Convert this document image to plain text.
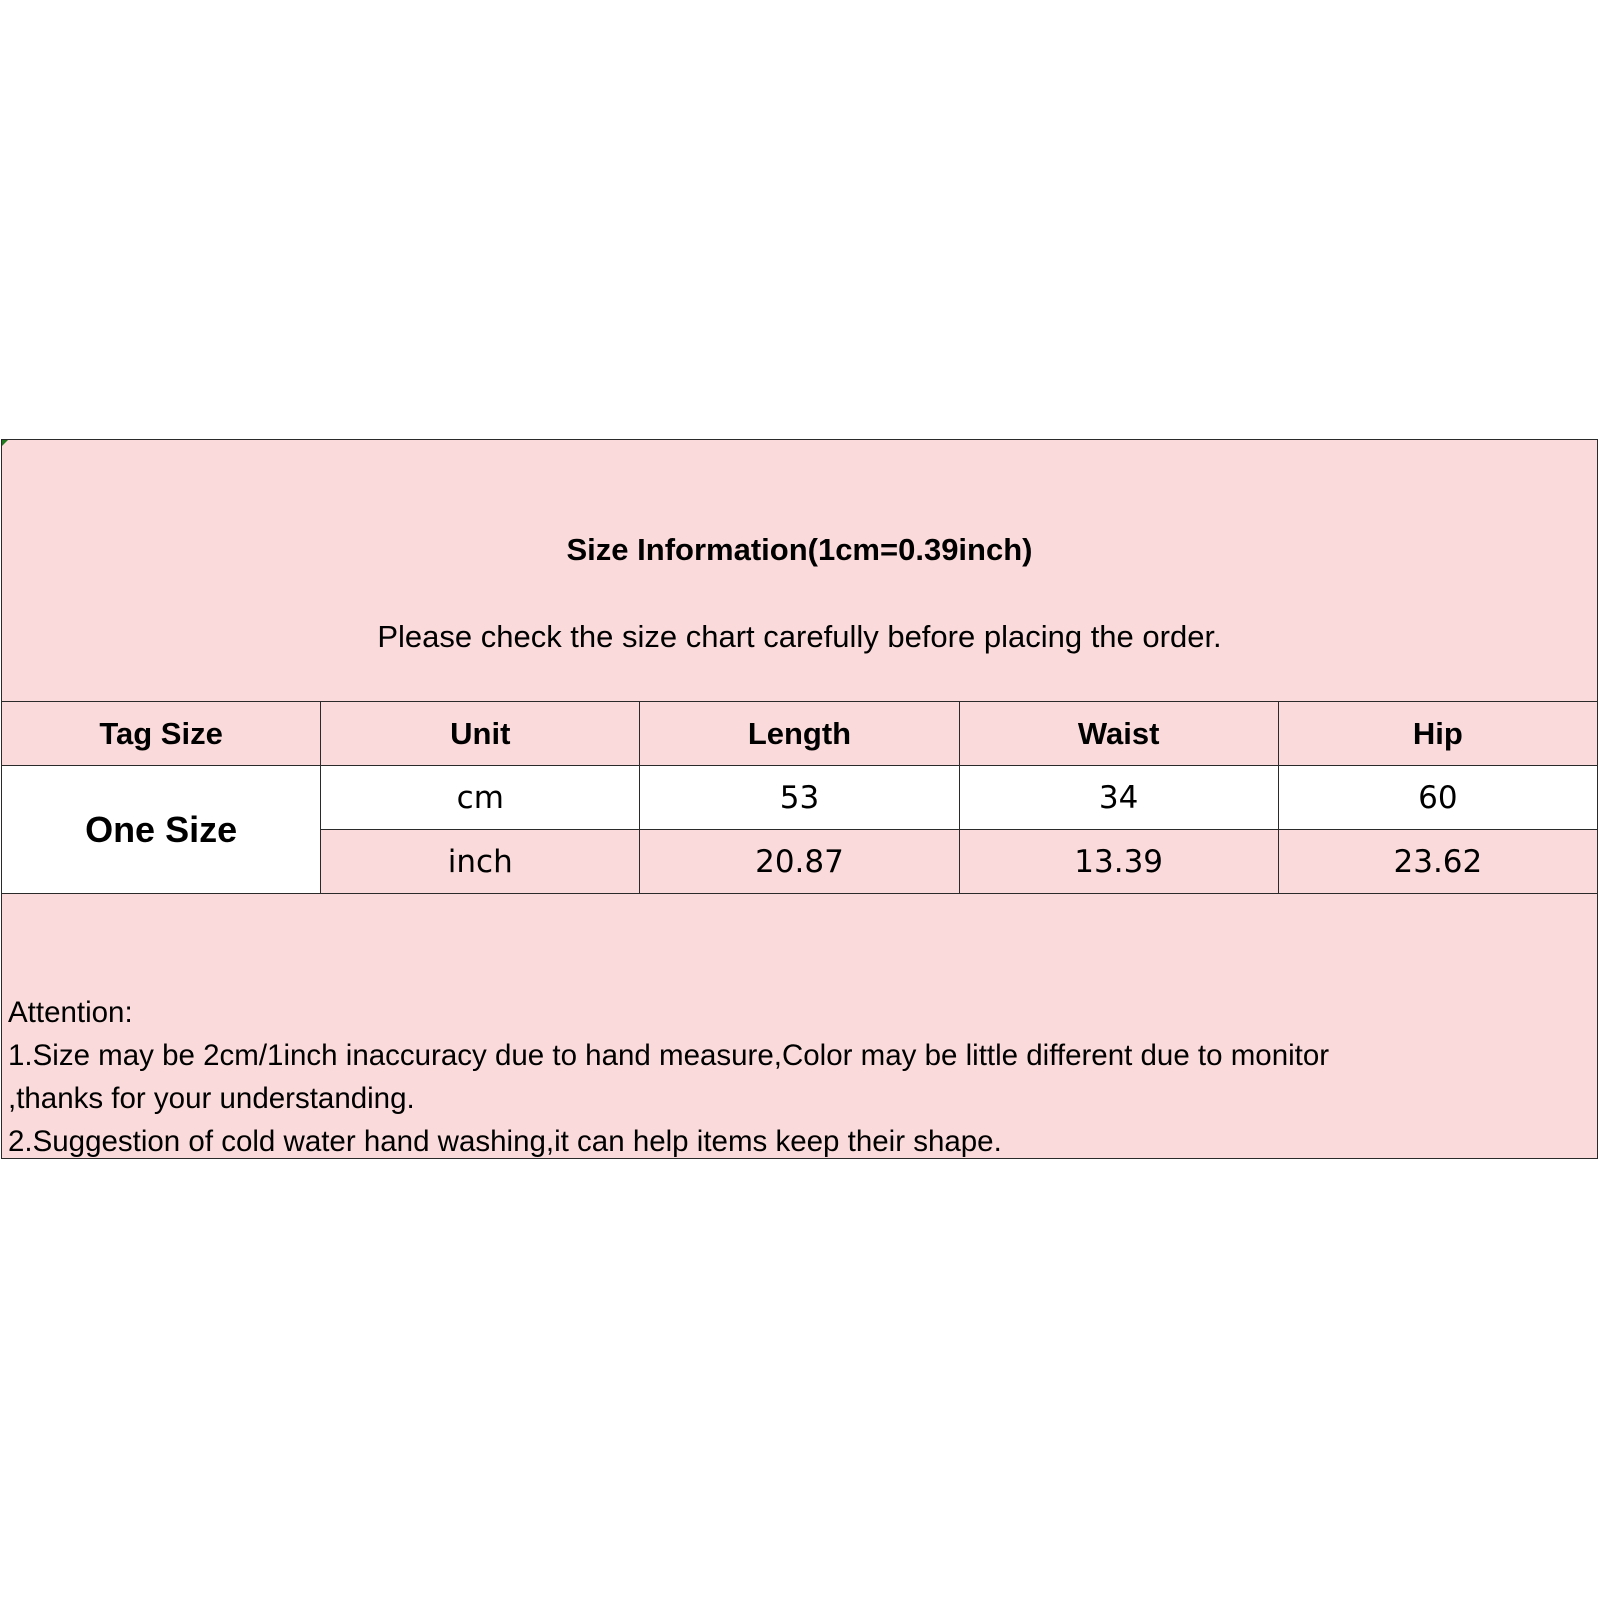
Size Information(1cm=0.39inch)
Please check the size chart carefully before placing the order.
Tag Size	Unit	Length	Waist	Hip
One Size	cm	53	34	60
	inch	20.87	13.39	23.62
Attention:
1.Size may be 2cm/1inch inaccuracy due to hand measure,Color may be little different due to monitor
,thanks for your understanding.
2.Suggestion of cold water hand washing,it can help items keep their shape.
